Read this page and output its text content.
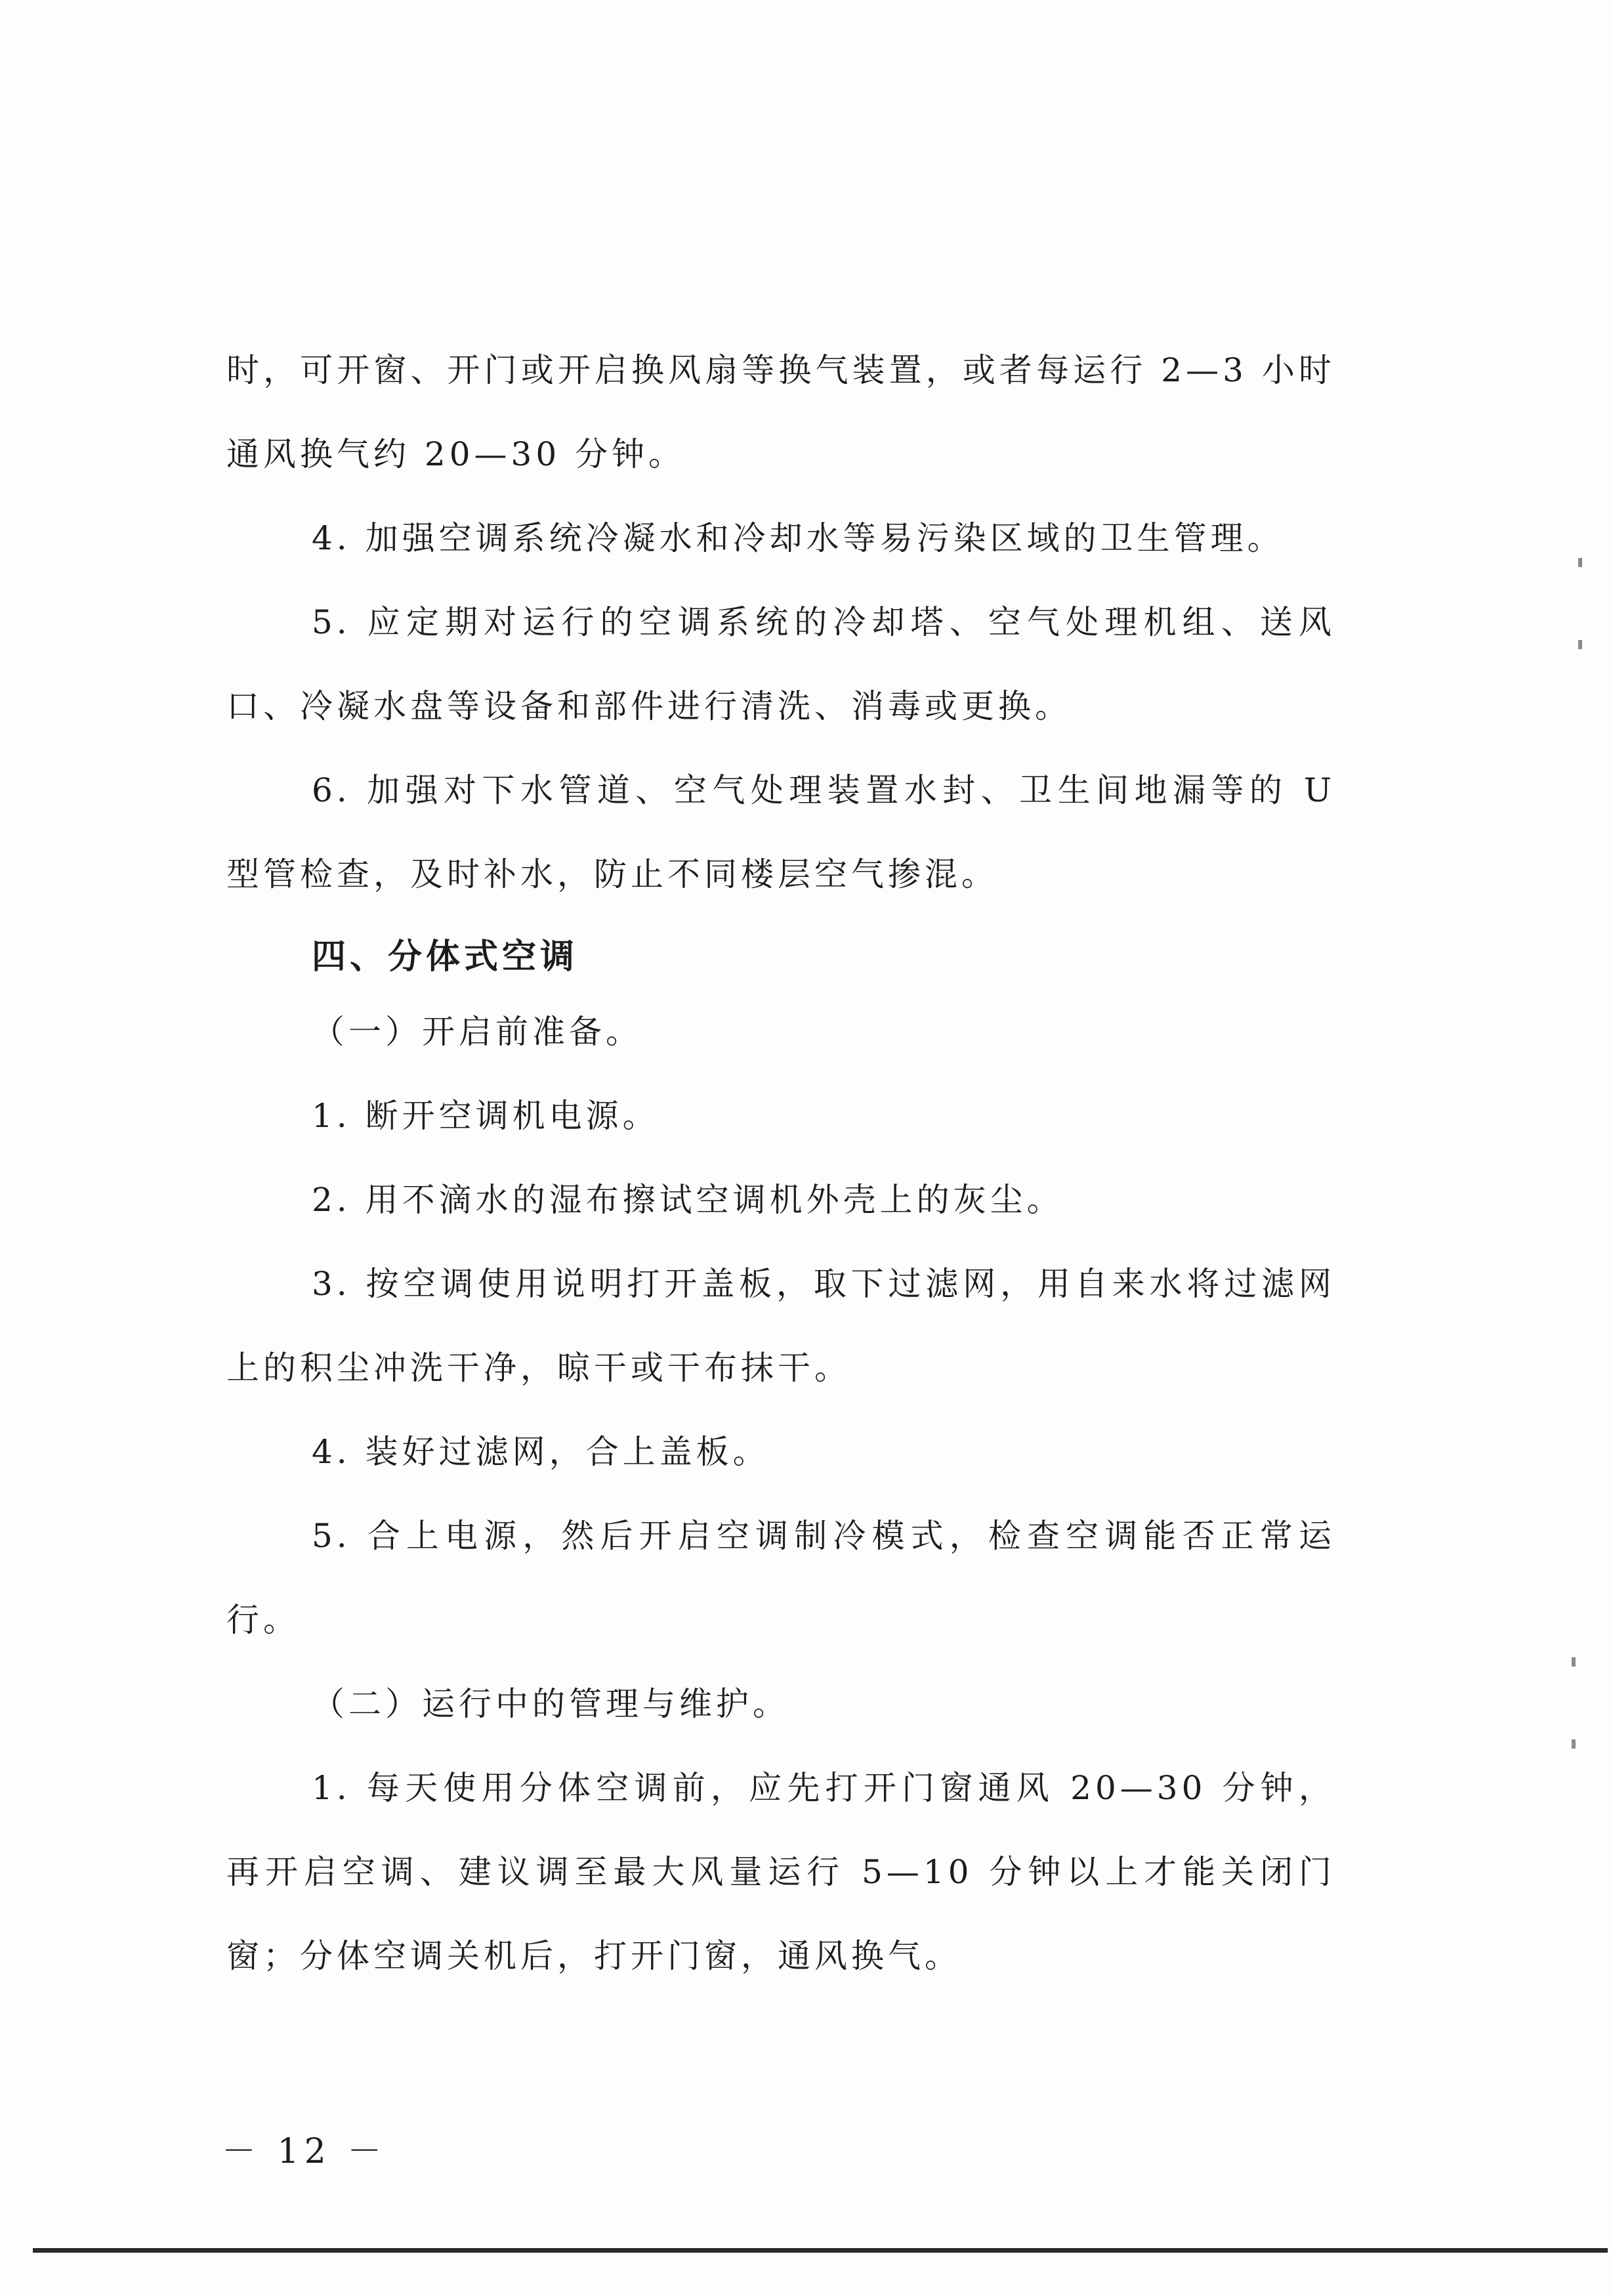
时，可开窗、开门或开启换风扇等换气装置，或者每运行 2—3 小时通风换气约 20—30 分钟。

4. 加强空调系统冷凝水和冷却水等易污染区域的卫生管理。

5. 应定期对运行的空调系统的冷却塔、空气处理机组、送风口、冷凝水盘等设备和部件进行清洗、消毒或更换。

6. 加强对下水管道、空气处理装置水封、卫生间地漏等的 U 型管检查，及时补水，防止不同楼层空气掺混。

四、分体式空调

（一）开启前准备。

1. 断开空调机电源。

2. 用不滴水的湿布擦试空调机外壳上的灰尘。

3. 按空调使用说明打开盖板，取下过滤网，用自来水将过滤网上的积尘冲洗干净，晾干或干布抹干。

4. 装好过滤网，合上盖板。

5. 合上电源，然后开启空调制冷模式，检查空调能否正常运行。

（二）运行中的管理与维护。

1. 每天使用分体空调前，应先打开门窗通风 20—30 分钟，再开启空调、建议调至最大风量运行 5—10 分钟以上才能关闭门窗；分体空调关机后，打开门窗，通风换气。

－ 12 －
